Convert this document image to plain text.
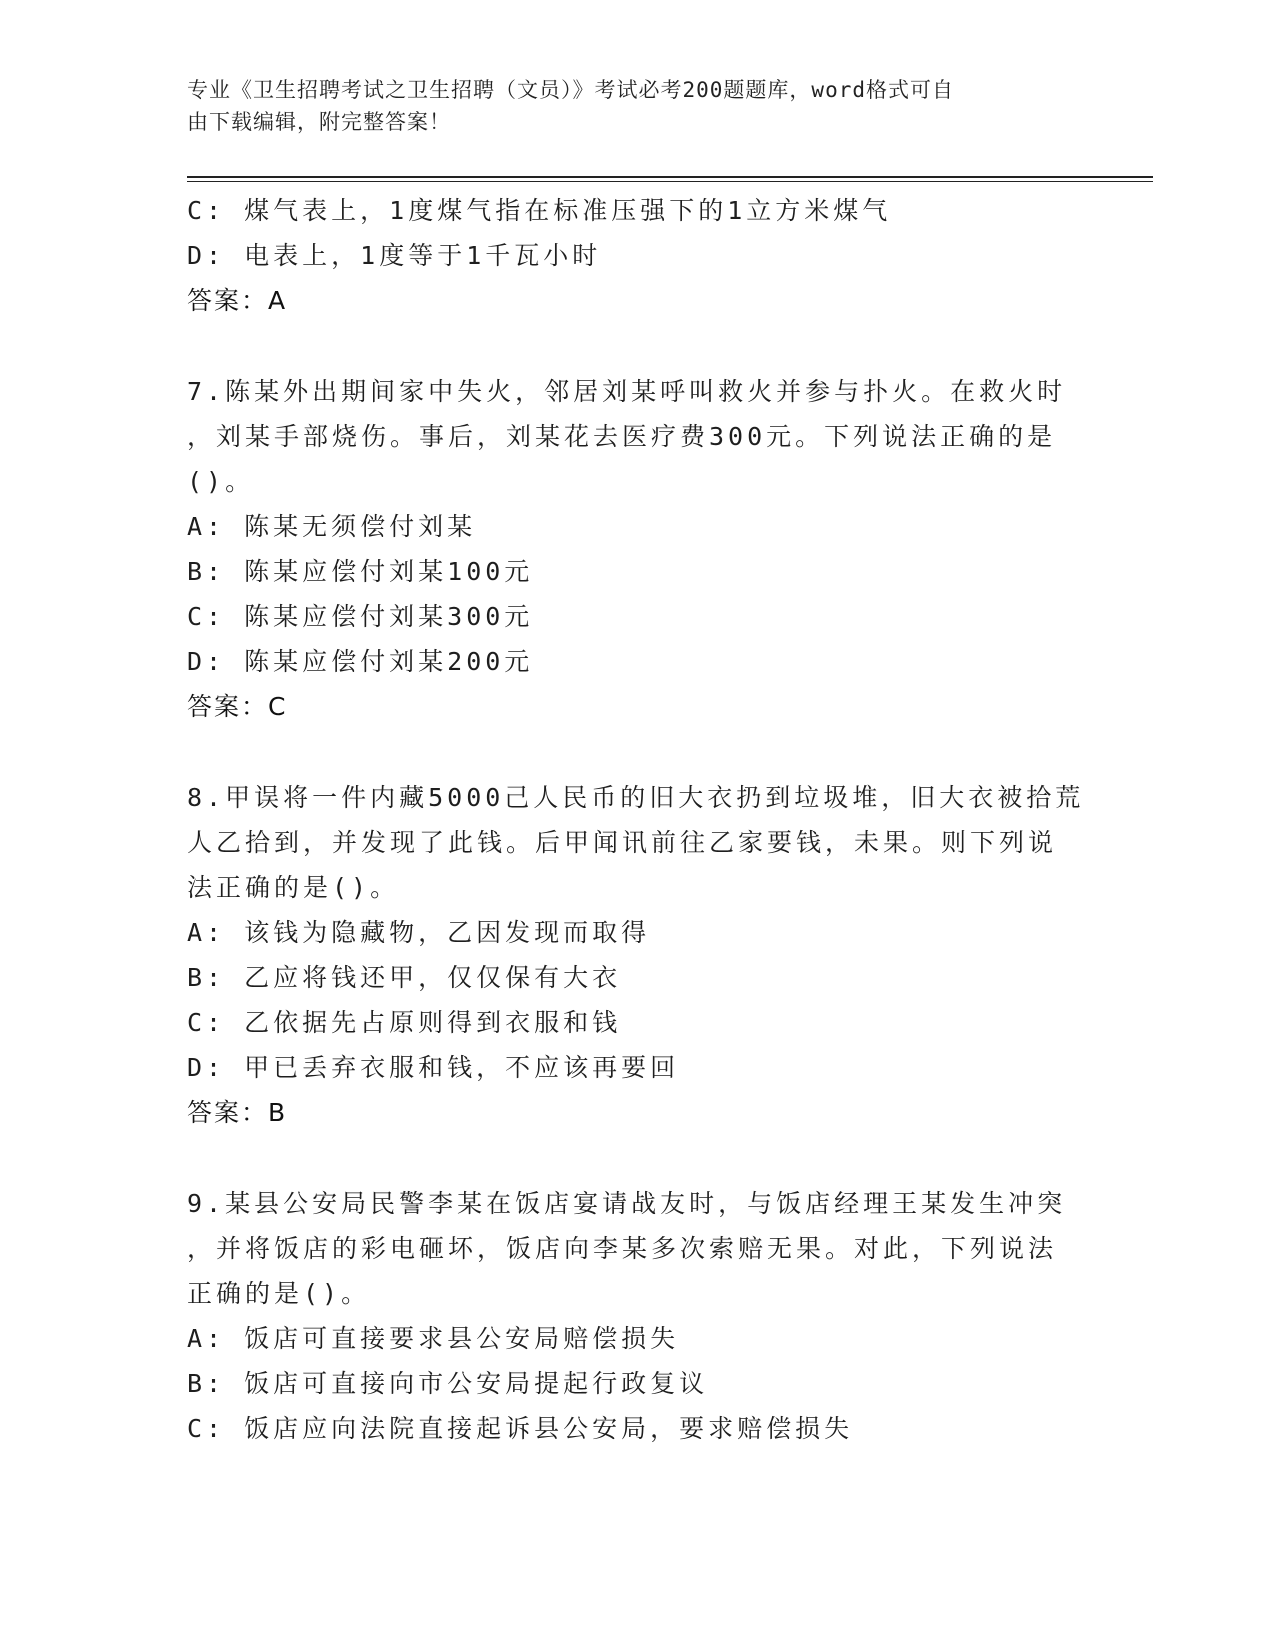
专业《卫生招聘考试之卫生招聘（文员）》考试必考200题题库，word格式可自
由下载编辑，附完整答案！
C: 煤气表上，1度煤气指在标准压强下的1立方米煤气
D: 电表上，1度等于1千瓦小时
答案：A
7.陈某外出期间家中失火，邻居刘某呼叫救火并参与扑火。在救火时
，刘某手部烧伤。事后，刘某花去医疗费300元。下列说法正确的是
()。
A: 陈某无须偿付刘某
B: 陈某应偿付刘某100元
C: 陈某应偿付刘某300元
D: 陈某应偿付刘某200元
答案：C
8.甲误将一件内藏5000己人民币的旧大衣扔到垃圾堆，旧大衣被拾荒
人乙拾到，并发现了此钱。后甲闻讯前往乙家要钱，未果。则下列说
法正确的是()。
A: 该钱为隐藏物，乙因发现而取得
B: 乙应将钱还甲，仅仅保有大衣
C: 乙依据先占原则得到衣服和钱
D: 甲已丢弃衣服和钱，不应该再要回
答案：B
9.某县公安局民警李某在饭店宴请战友时，与饭店经理王某发生冲突
，并将饭店的彩电砸坏，饭店向李某多次索赔无果。对此，下列说法
正确的是()。
A: 饭店可直接要求县公安局赔偿损失
B: 饭店可直接向市公安局提起行政复议
C: 饭店应向法院直接起诉县公安局，要求赔偿损失
